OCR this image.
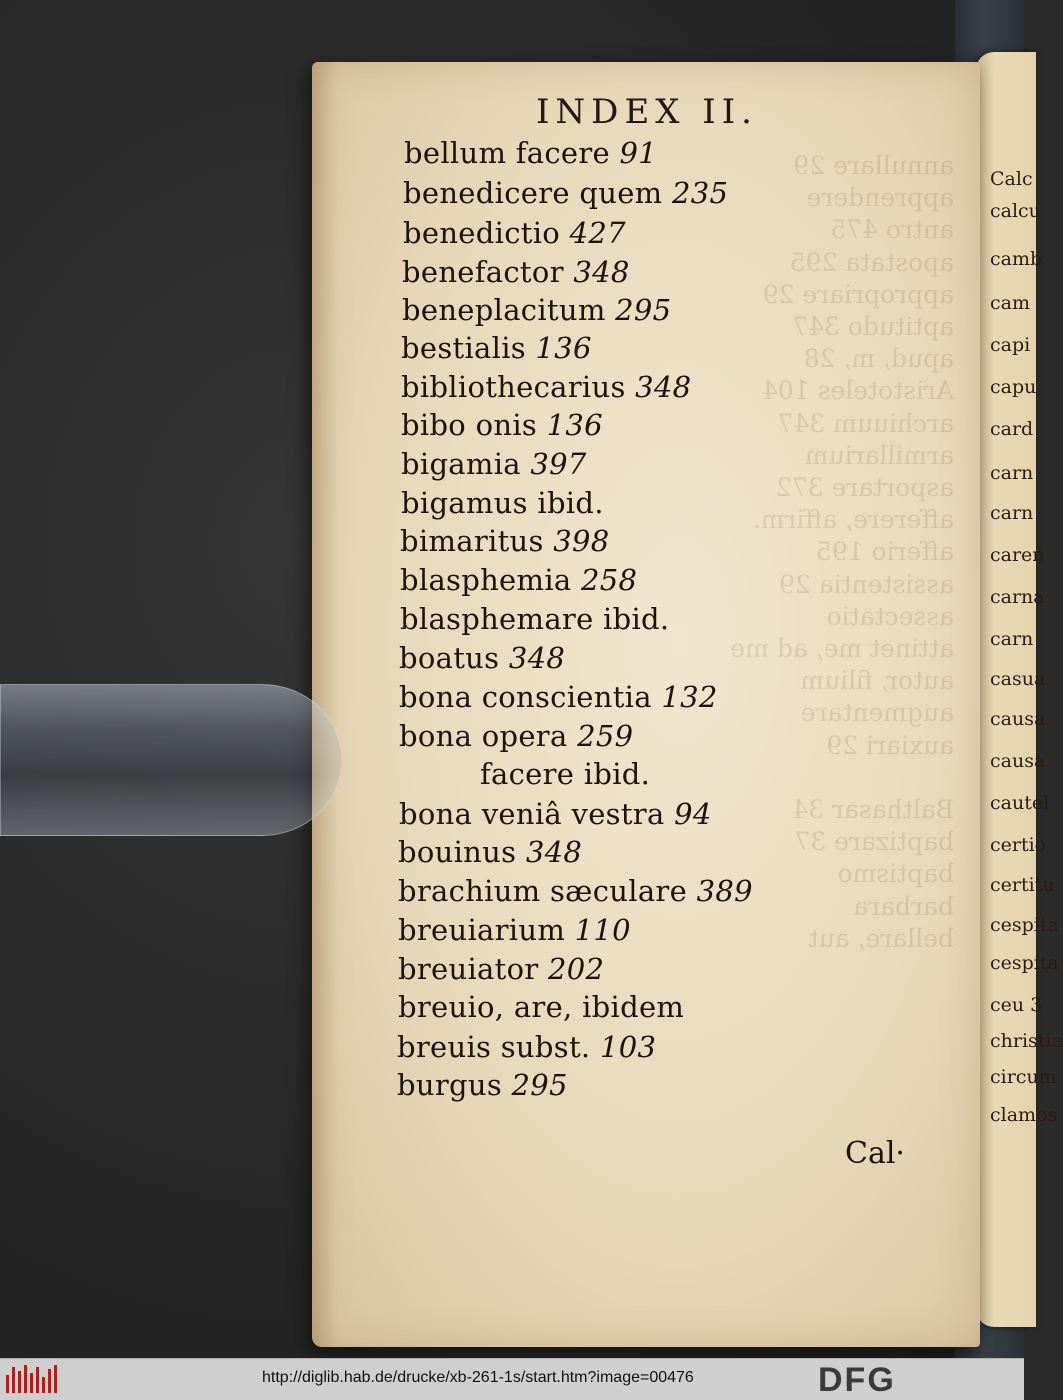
Calc
calcu
camb
cam
capi
capu
card
carn
carn
caren
carna
carn
casua
causa
causa
cautel
certio
certitu
cespita
cespita
ceu 3
christia
circum
clamos
annullare 29
apprendere
antro 475
apostata 295
appropriare 29
aptitudo 347
apud, m, 28
Aristoteles 104
archiuum 347
armillarium
asportare 372
afferere, affirm.
afferio 195
assistentia 29
assectatio
attinet me, ad me
autor, filium
augmentare
auxiari 29

Balthasar 34
baptizare 37
baptismo
barbara
bellare, aut
INDEX II.
bellum facere 91
benedicere quem 235
benedictio 427
benefactor 348
beneplacitum 295
bestialis 136
bibliothecarius 348
bibo onis 136
bigamia 397
bigamus ibid.
bimaritus 398
blasphemia 258
blasphemare ibid.
boatus 348
bona conscientia 132
bona opera 259
facere ibid.
bona veniâ vestra 94
bouinus 348
brachium sæculare 389
breuiarium 110
breuiator 202
breuio, are, ibidem
breuis subst. 103
burgus 295
Cal·
http://diglib.hab.de/drucke/xb-261-1s/start.htm?image=00476	DFG
